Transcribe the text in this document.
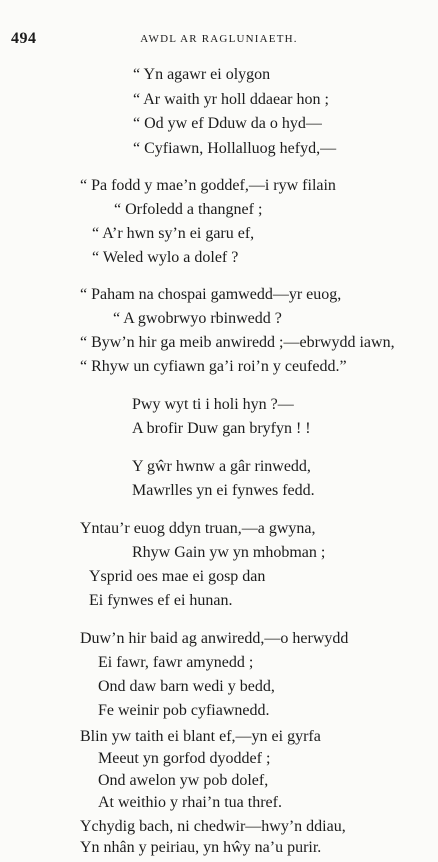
494	AWDL AR RAGLUNIAETH.
“ Yn agawr ei olygon
“ Ar waith yr holl ddaear hon ;
“ Od yw ef Dduw da o hyd—
“ Cyfiawn, Hollalluog hefyd,—
“ Pa fodd y mae’n goddef,—i ryw filain
“ Orfoledd a thangnef ;
“ A’r hwn sy’n ei garu ef,
“ Weled wylo a dolef ?
“ Paham na chospai gamwedd—yr euog,
“ A gwobrwyo rbinwedd ?
“ Byw’n hir ga meib anwiredd ;—ebrwydd iawn,
“ Rhyw un cyfiawn ga’i roi’n y ceufedd.”
Pwy wyt ti i holi hyn ?—
A brofir Duw gan bryfyn ! !
Y gŵr hwnw a gâr rinwedd,
Mawrlles yn ei fynwes fedd.
Yntau’r euog ddyn truan,—a gwyna,
Rhyw Gain yw yn mhobman ;
Ysprid oes mae ei gosp dan
Ei fynwes ef ei hunan.
Duw’n hir baid ag anwiredd,—o herwydd
Ei fawr, fawr amynedd ;
Ond daw barn wedi y bedd,
Fe weinir pob cyfiawnedd.
Blin yw taith ei blant ef,—yn ei gyrfa
Meeut yn gorfod dyoddef ;
Ond awelon yw pob dolef,
At weithio y rhai’n tua thref.
Ychydig bach, ni chedwir—hwy’n ddiau,
Yn nhân y peiriau, yn hŵy na’u purir.
